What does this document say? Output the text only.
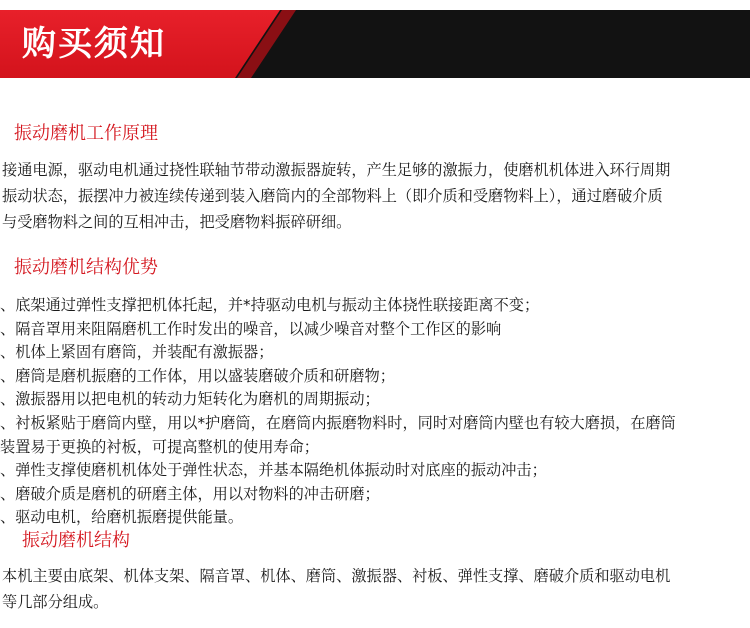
购买须知
振动磨机工作原理
接通电源，驱动电机通过挠性联轴节带动激振器旋转，产生足够的激振力，使磨机机体进入环行周期
振动状态，振摆冲力被连续传递到装入磨筒内的全部物料上（即介质和受磨物料上），通过磨破介质
与受磨物料之间的互相冲击，把受磨物料振碎研细。
振动磨机结构优势
、底架通过弹性支撑把机体托起，并*持驱动电机与振动主体挠性联接距离不变；
、隔音罩用来阻隔磨机工作时发出的噪音，以减少噪音对整个工作区的影响
、机体上紧固有磨筒，并装配有激振器；
、磨筒是磨机振磨的工作体，用以盛装磨破介质和研磨物；
、激振器用以把电机的转动力矩转化为磨机的周期振动；
、衬板紧贴于磨筒内壁，用以*护磨筒，在磨筒内振磨物料时，同时对磨筒内壁也有较大磨损，在磨筒
装置易于更换的衬板，可提高整机的使用寿命；
、弹性支撑使磨机机体处于弹性状态，并基本隔绝机体振动时对底座的振动冲击；
、磨破介质是磨机的研磨主体，用以对物料的冲击研磨；
、驱动电机，给磨机振磨提供能量。
振动磨机结构
本机主要由底架、机体支架、隔音罩、机体、磨筒、激振器、衬板、弹性支撑、磨破介质和驱动电机
等几部分组成。
